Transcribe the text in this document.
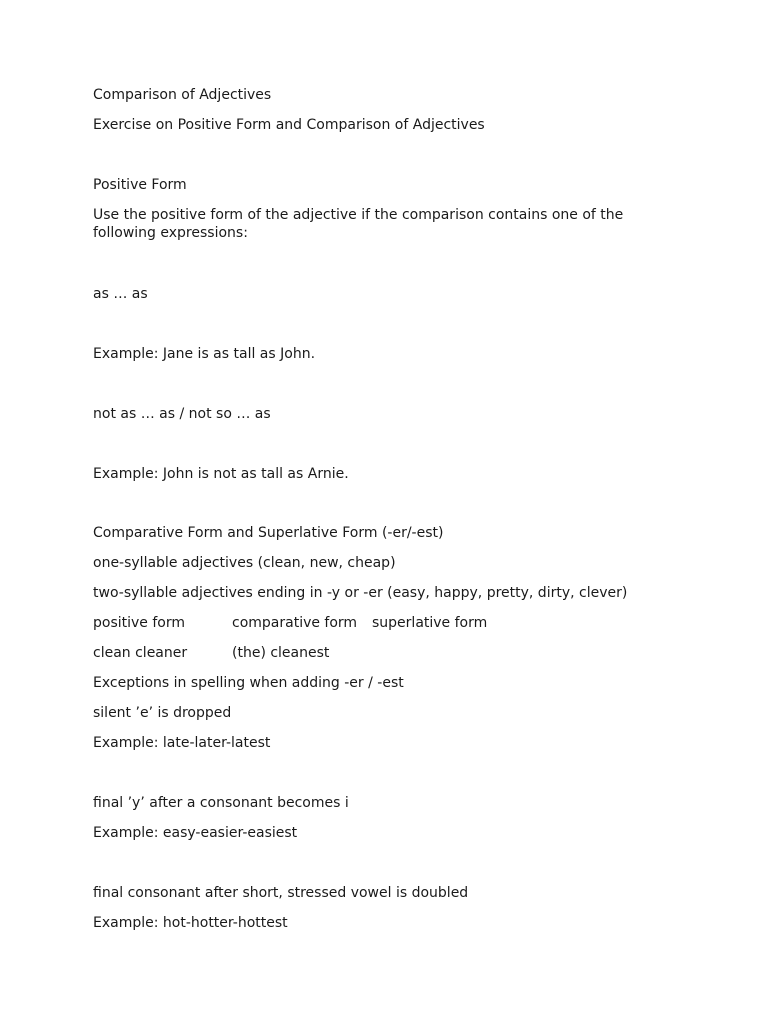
Comparison of Adjectives
Exercise on Positive Form and Comparison of Adjectives
Positive Form
Use the positive form of the adjective if the comparison contains one of the following expressions:
as … as
Example: Jane is as tall as John.
not as … as / not so … as
Example: John is not as tall as Arnie.
Comparative Form and Superlative Form (-er/-est)
one-syllable adjectives (clean, new, cheap)
two-syllable adjectives ending in -y or -er (easy, happy, pretty, dirty, clever)
positive form	comparative form superlative form
clean cleaner	(the) cleanest
Exceptions in spelling when adding -er / -est
silent ’e’ is dropped
Example: late-later-latest
final ’y’ after a consonant becomes i
Example: easy-easier-easiest
final consonant after short, stressed vowel is doubled
Example: hot-hotter-hottest
